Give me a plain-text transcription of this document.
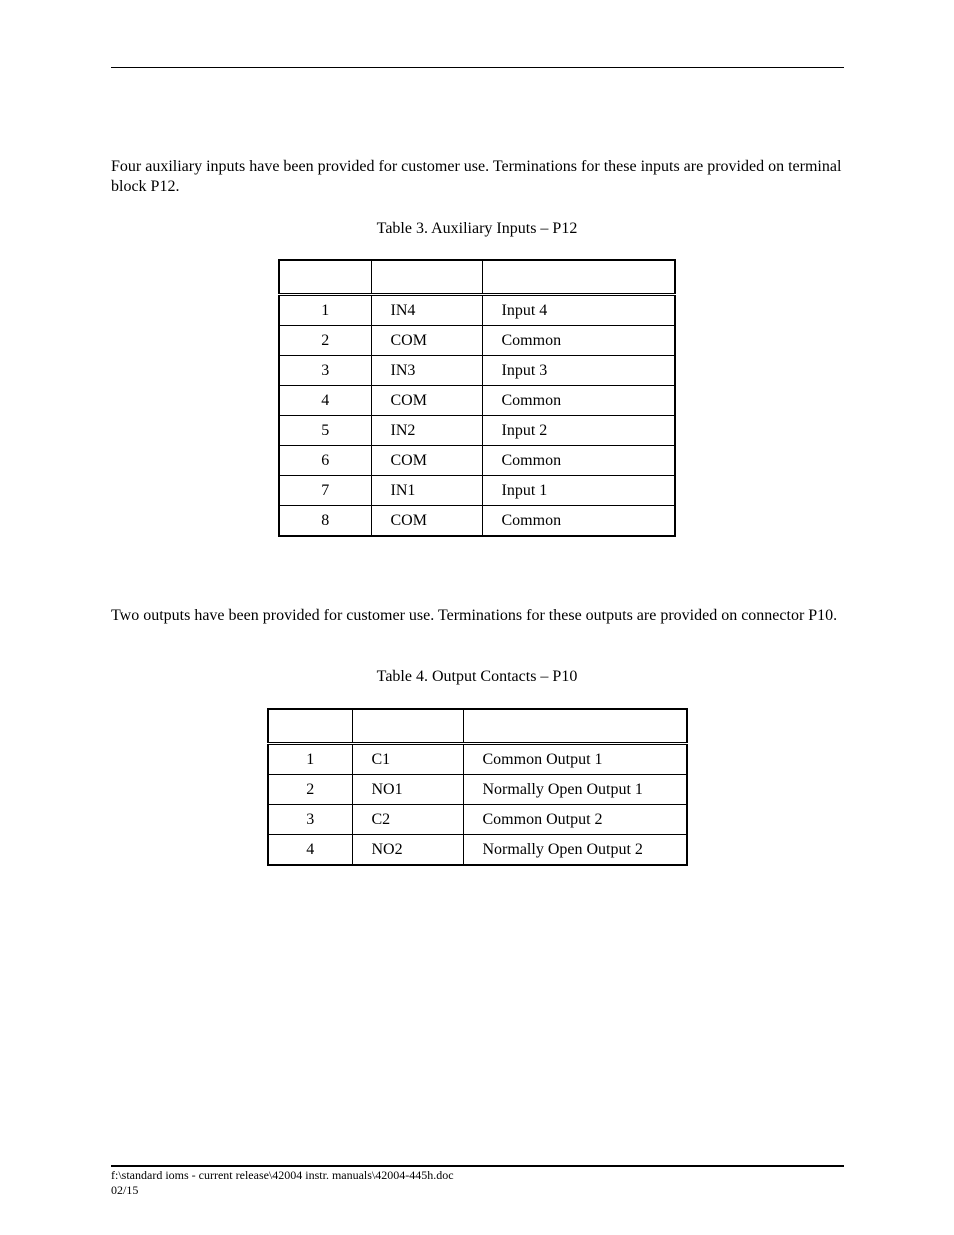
Four auxiliary inputs have been provided for customer use. Terminations for these inputs are provided on terminal block P12.

Table 3. Auxiliary Inputs – P12

1	IN4	Input 4
2	COM	Common
3	IN3	Input 3
4	COM	Common
5	IN2	Input 2
6	COM	Common
7	IN1	Input 1
8	COM	Common

Two outputs have been provided for customer use. Terminations for these outputs are provided on connector P10.

Table 4. Output Contacts – P10

1	C1	Common Output 1
2	NO1	Normally Open Output 1
3	C2	Common Output 2
4	NO2	Normally Open Output 2

f:\standard ioms - current release\42004 instr. manuals\42004-445h.doc

02/15
